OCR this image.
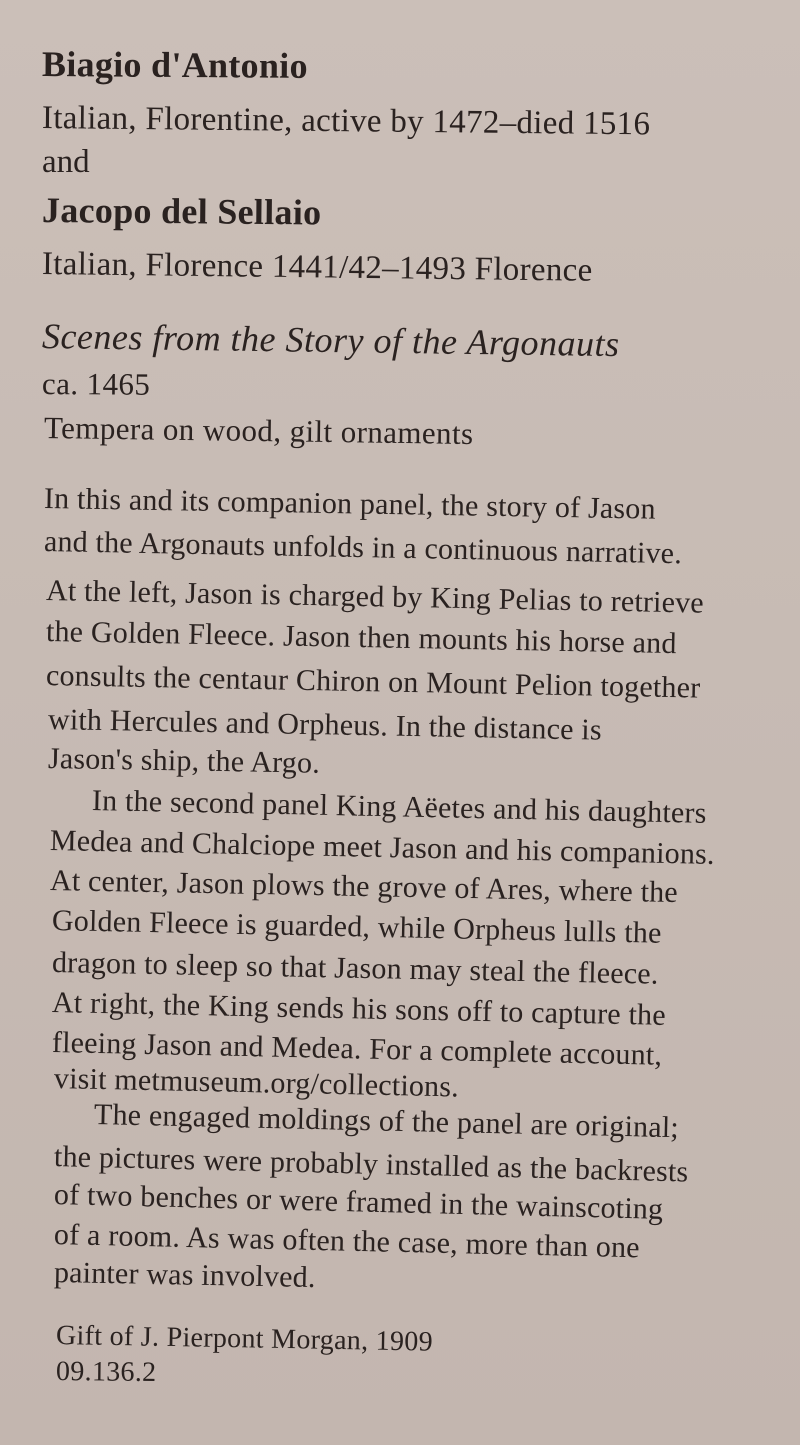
Biagio d'Antonio
Italian, Florentine, active by 1472–died 1516
and
Jacopo del Sellaio
Italian, Florence 1441/42–1493 Florence
Scenes from the Story of the Argonauts
ca. 1465
Tempera on wood, gilt ornaments
In this and its companion panel, the story of Jason
and the Argonauts unfolds in a continuous narrative.
At the left, Jason is charged by King Pelias to retrieve
the Golden Fleece. Jason then mounts his horse and
consults the centaur Chiron on Mount Pelion together
with Hercules and Orpheus. In the distance is
Jason's ship, the Argo.
In the second panel King Aëetes and his daughters
Medea and Chalciope meet Jason and his companions.
At center, Jason plows the grove of Ares, where the
Golden Fleece is guarded, while Orpheus lulls the
dragon to sleep so that Jason may steal the fleece.
At right, the King sends his sons off to capture the
fleeing Jason and Medea. For a complete account,
visit metmuseum.org/collections.
The engaged moldings of the panel are original;
the pictures were probably installed as the backrests
of two benches or were framed in the wainscoting
of a room. As was often the case, more than one
painter was involved.
Gift of J. Pierpont Morgan, 1909
09.136.2
